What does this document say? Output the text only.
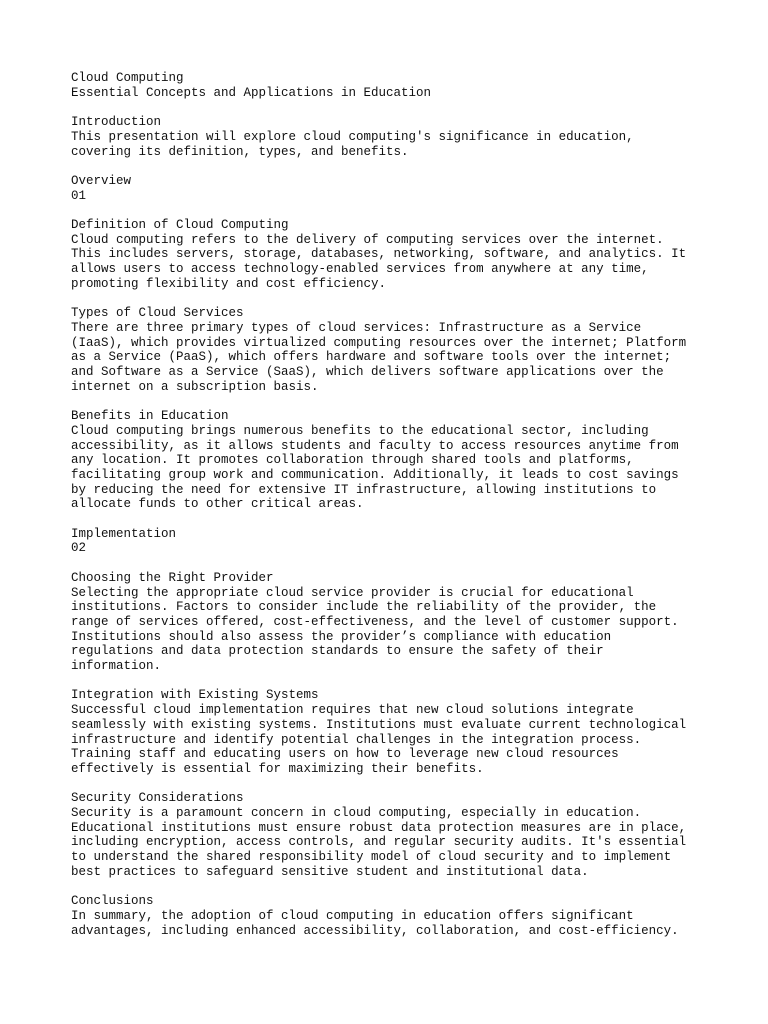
Cloud Computing
Essential Concepts and Applications in Education
Introduction
This presentation will explore cloud computing's significance in education,
covering its definition, types, and benefits.
Overview
01
Definition of Cloud Computing
Cloud computing refers to the delivery of computing services over the internet.
This includes servers, storage, databases, networking, software, and analytics. It
allows users to access technology-enabled services from anywhere at any time,
promoting flexibility and cost efficiency.
Types of Cloud Services
There are three primary types of cloud services: Infrastructure as a Service
(IaaS), which provides virtualized computing resources over the internet; Platform
as a Service (PaaS), which offers hardware and software tools over the internet;
and Software as a Service (SaaS), which delivers software applications over the
internet on a subscription basis.
Benefits in Education
Cloud computing brings numerous benefits to the educational sector, including
accessibility, as it allows students and faculty to access resources anytime from
any location. It promotes collaboration through shared tools and platforms,
facilitating group work and communication. Additionally, it leads to cost savings
by reducing the need for extensive IT infrastructure, allowing institutions to
allocate funds to other critical areas.
Implementation
02
Choosing the Right Provider
Selecting the appropriate cloud service provider is crucial for educational
institutions. Factors to consider include the reliability of the provider, the
range of services offered, cost-effectiveness, and the level of customer support.
Institutions should also assess the provider’s compliance with education
regulations and data protection standards to ensure the safety of their
information.
Integration with Existing Systems
Successful cloud implementation requires that new cloud solutions integrate
seamlessly with existing systems. Institutions must evaluate current technological
infrastructure and identify potential challenges in the integration process.
Training staff and educating users on how to leverage new cloud resources
effectively is essential for maximizing their benefits.
Security Considerations
Security is a paramount concern in cloud computing, especially in education.
Educational institutions must ensure robust data protection measures are in place,
including encryption, access controls, and regular security audits. It's essential
to understand the shared responsibility model of cloud security and to implement
best practices to safeguard sensitive student and institutional data.
Conclusions
In summary, the adoption of cloud computing in education offers significant
advantages, including enhanced accessibility, collaboration, and cost-efficiency.
